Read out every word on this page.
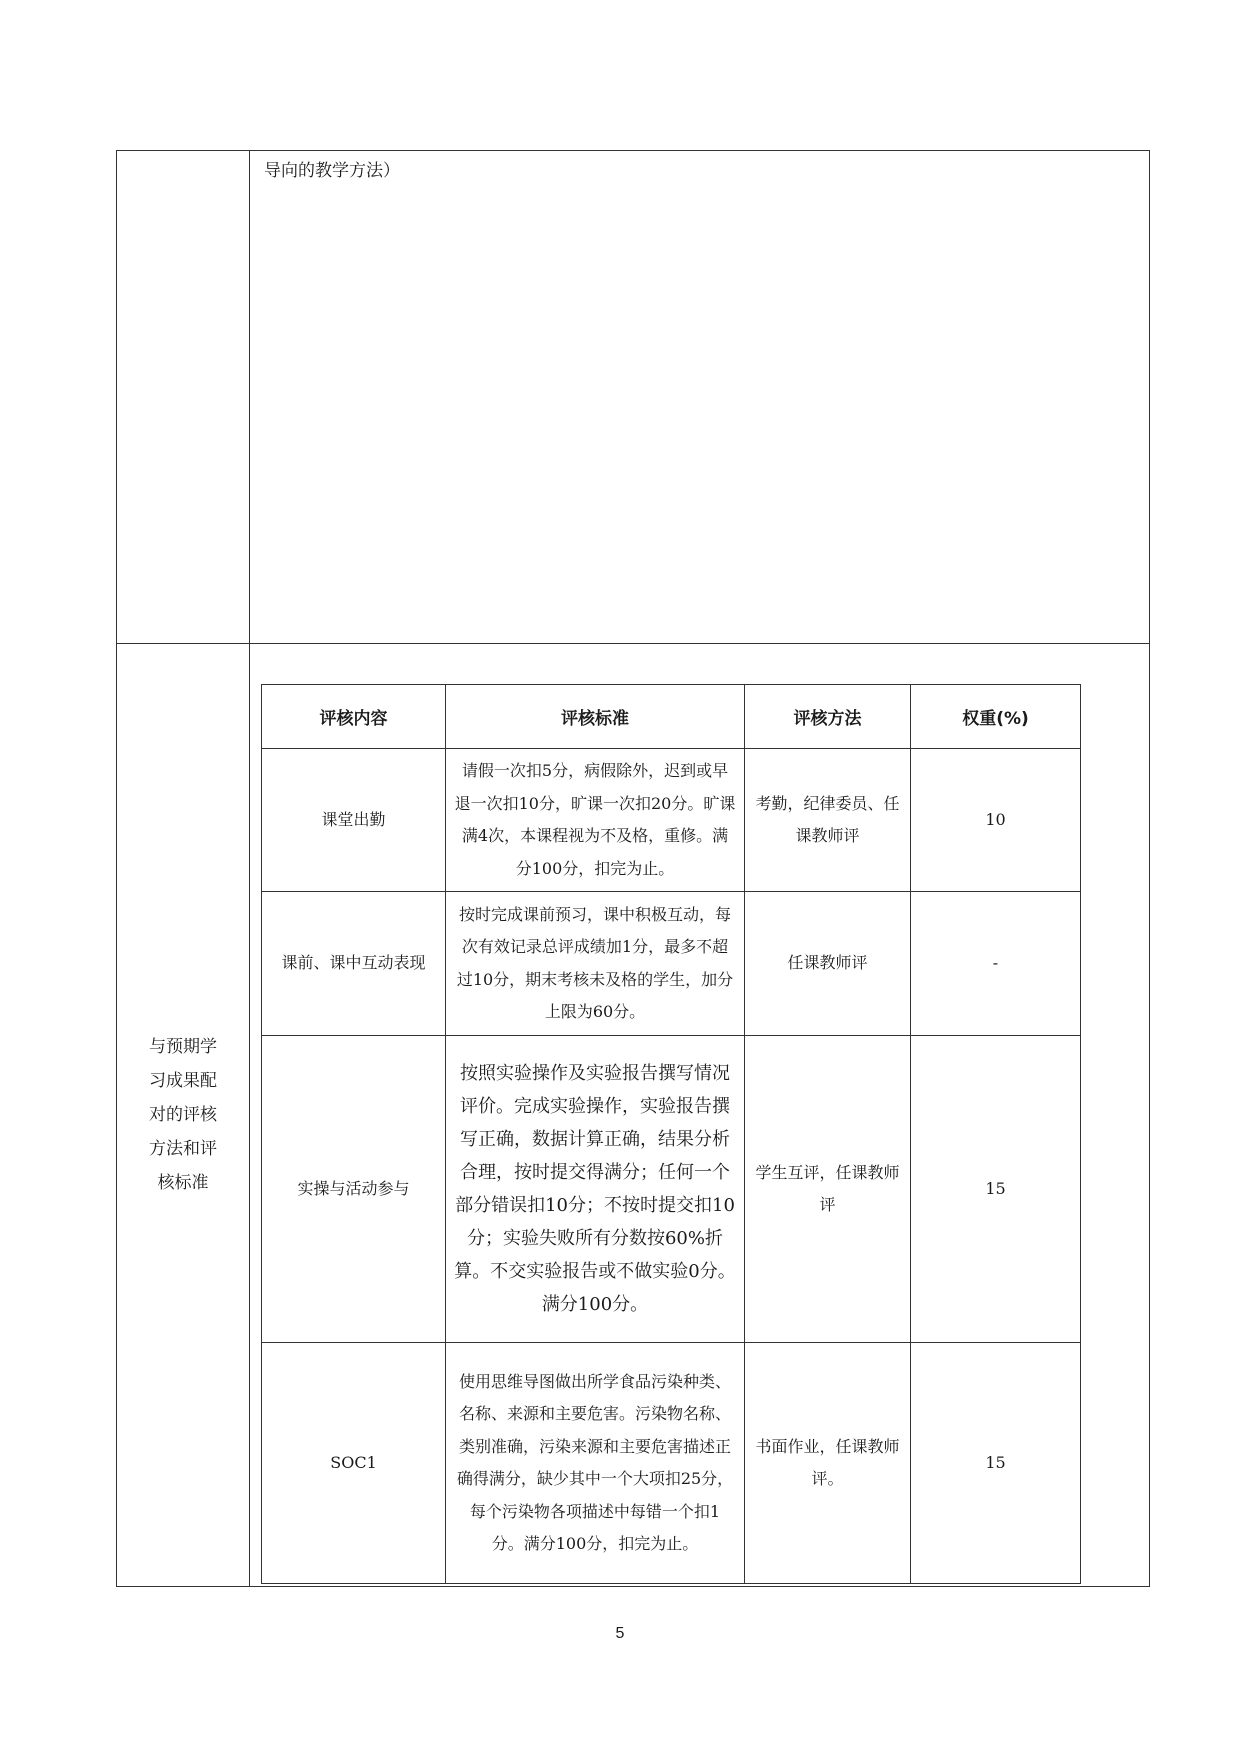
导向的教学方法）

与预期学习成果配对的评核方法和评核标准	
评核内容	评核标准	评核方法	权重(%)
课堂出勤	请假一次扣5分，病假除外，迟到或早退一次扣10分，旷课一次扣20分。旷课满4次，本课程视为不及格，重修。满分100分，扣完为止。	考勤，纪律委员、任课教师评	10
课前、课中互动表现	按时完成课前预习，课中积极互动，每次有效记录总评成绩加1分，最多不超过10分，期末考核未及格的学生，加分上限为60分。	任课教师评	-
实操与活动参与	按照实验操作及实验报告撰写情况评价。完成实验操作，实验报告撰写正确，数据计算正确，结果分析合理，按时提交得满分；任何一个部分错误扣10分；不按时提交扣10分；实验失败所有分数按60%折算。不交实验报告或不做实验0分。满分100分。	学生互评，任课教师评	15
SOC1	使用思维导图做出所学食品污染种类、名称、来源和主要危害。污染物名称、类别准确，污染来源和主要危害描述正确得满分，缺少其中一个大项扣25分，每个污染物各项描述中每错一个扣1分。满分100分，扣完为止。	书面作业，任课教师评。	15
5
